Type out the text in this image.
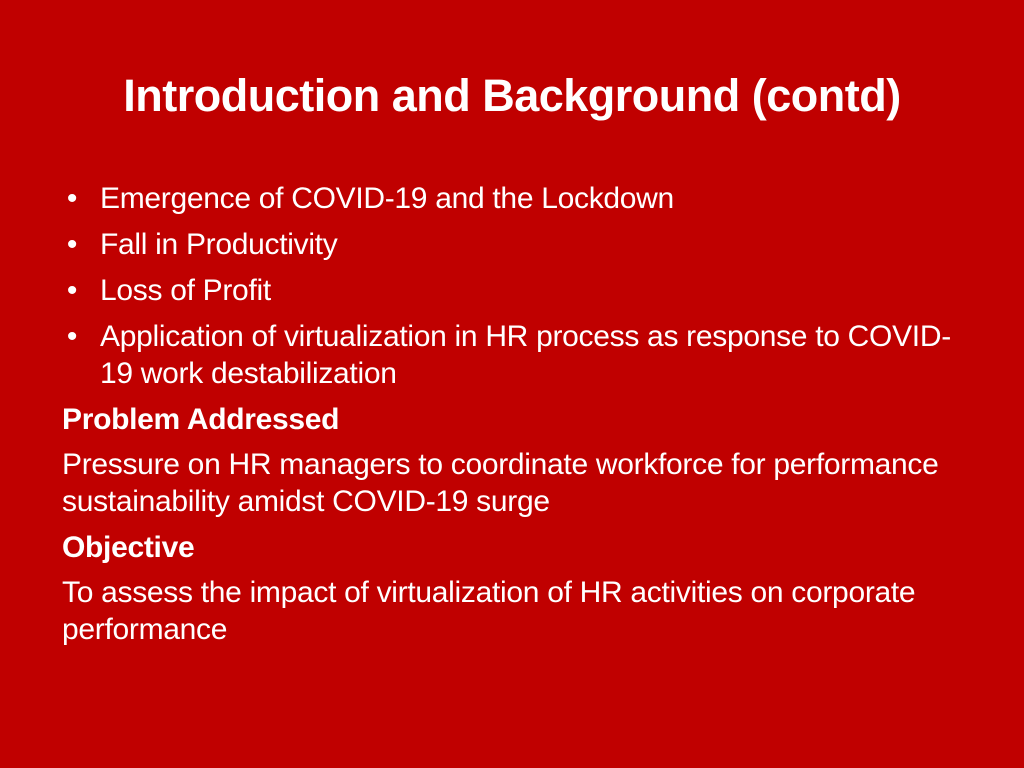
Introduction and Background (contd)
• Emergence of COVID-19 and the Lockdown
• Fall in Productivity
• Loss of Profit
• Application of virtualization in HR process as response to COVID-19 work destabilization
Problem Addressed

Pressure on HR managers to coordinate workforce for performance sustainability amidst COVID-19 surge

Objective

To assess the impact of virtualization of HR activities on corporate performance
